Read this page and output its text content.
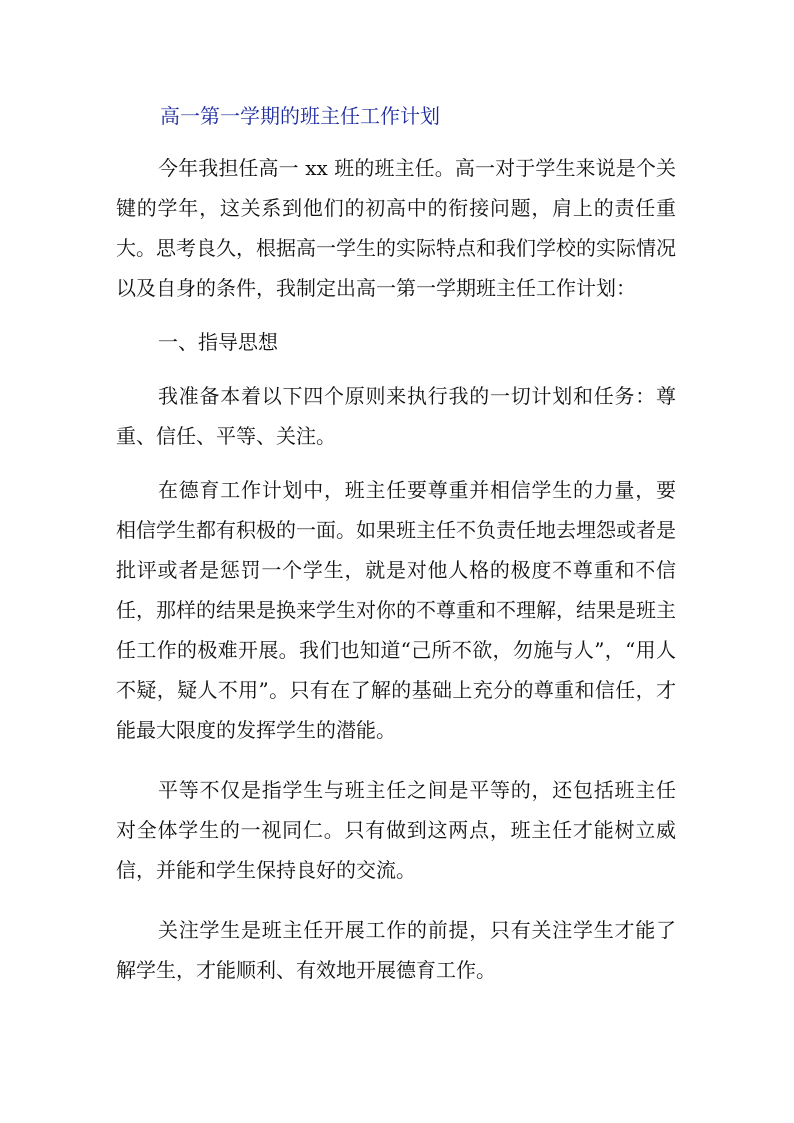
高一第一学期的班主任工作计划

今年我担任高一 xx 班的班主任。高一对于学生来说是个关键的学年，这关系到他们的初高中的衔接问题，肩上的责任重大。思考良久，根据高一学生的实际特点和我们学校的实际情况以及自身的条件，我制定出高一第一学期班主任工作计划：

一、指导思想

我准备本着以下四个原则来执行我的一切计划和任务：尊重、信任、平等、关注。

在德育工作计划中，班主任要尊重并相信学生的力量，要相信学生都有积极的一面。如果班主任不负责任地去埋怨或者是批评或者是惩罚一个学生，就是对他人格的极度不尊重和不信任，那样的结果是换来学生对你的不尊重和不理解，结果是班主任工作的极难开展。我们也知道“己所不欲，勿施与人”，“用人不疑，疑人不用”。只有在了解的基础上充分的尊重和信任，才能最大限度的发挥学生的潜能。

平等不仅是指学生与班主任之间是平等的，还包括班主任对全体学生的一视同仁。只有做到这两点，班主任才能树立威信，并能和学生保持良好的交流。

关注学生是班主任开展工作的前提，只有关注学生才能了解学生，才能顺利、有效地开展德育工作。
